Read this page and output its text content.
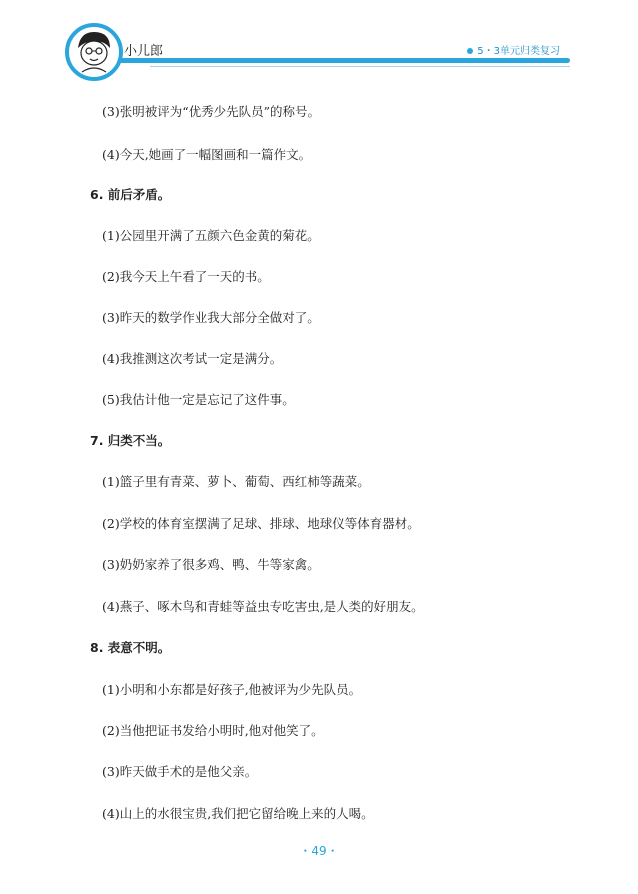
小儿郎	5・3单元归类复习
(3)张明被评为“优秀少先队员”的称号。
(4)今天,她画了一幅图画和一篇作文。
6. 前后矛盾。
(1)公园里开满了五颜六色金黄的菊花。
(2)我今天上午看了一天的书。
(3)昨天的数学作业我大部分全做对了。
(4)我推测这次考试一定是满分。
(5)我估计他一定是忘记了这件事。
7. 归类不当。
(1)篮子里有青菜、萝卜、葡萄、西红柿等蔬菜。
(2)学校的体育室摆满了足球、排球、地球仪等体育器材。
(3)奶奶家养了很多鸡、鸭、牛等家禽。
(4)燕子、啄木鸟和青蛙等益虫专吃害虫,是人类的好朋友。
8. 表意不明。
(1)小明和小东都是好孩子,他被评为少先队员。
(2)当他把证书发给小明时,他对他笑了。
(3)昨天做手术的是他父亲。
(4)山上的水很宝贵,我们把它留给晚上来的人喝。
・49・
